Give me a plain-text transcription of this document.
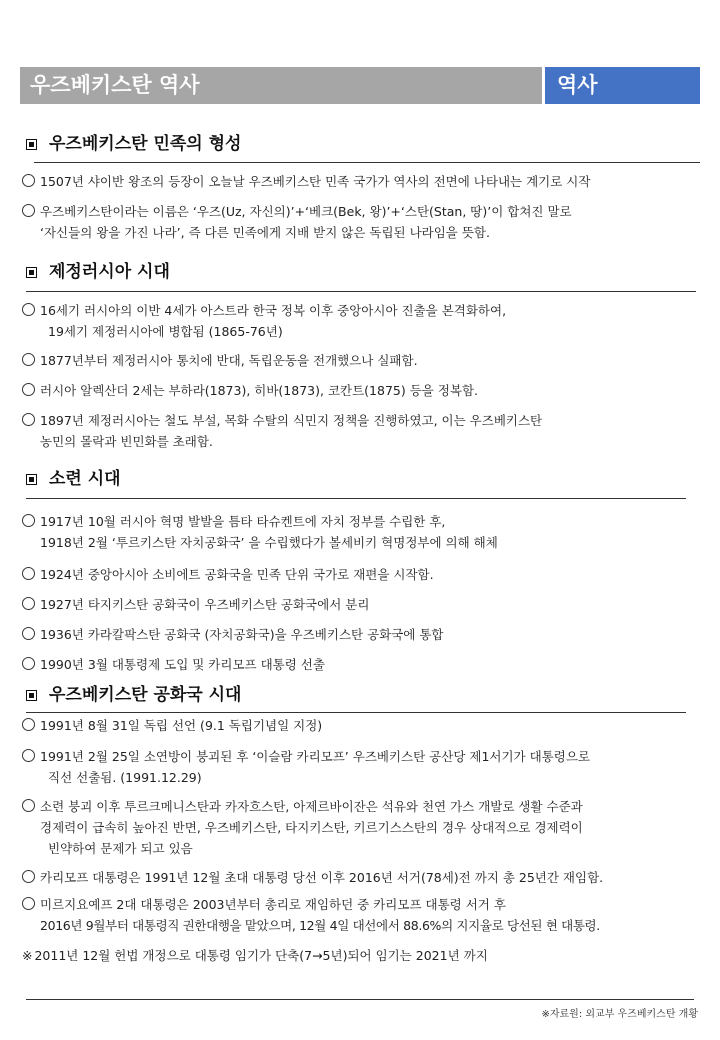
우즈베키스탄 역사	역사
우즈베키스탄 민족의 형성
1507년 샤이반 왕조의 등장이 오늘날 우즈베키스탄 민족 국가가 역사의 전면에 나타내는 계기로 시작
우즈베키스탄이라는 이름은 ‘우즈(Uz, 자신의)’+‘베크(Bek, 왕)’+‘스탄(Stan, 땅)’이 합쳐진 말로
‘자신들의 왕을 가진 나라’, 즉 다른 민족에게 지배 받지 않은 독립된 나라임을 뜻함.
제정러시아 시대
16세기 러시아의 이반 4세가 아스트라 한국 정복 이후 중앙아시아 진출을 본격화하여,
19세기 제정러시아에 병합됨 (1865-76년)
1877년부터 제정러시아 통치에 반대, 독립운동을 전개했으나 실패함.
러시아 알렉산더 2세는 부하라(1873), 히바(1873), 코칸트(1875) 등을 정복함.
1897년 제정러시아는 철도 부설, 목화 수탈의 식민지 정책을 진행하였고, 이는 우즈베키스탄
농민의 몰락과 빈민화를 초래함.
소련 시대
1917년 10월 러시아 혁명 발발을 틈타 타슈켄트에 자치 정부를 수립한 후,
1918년 2월 ‘투르키스탄 자치공화국’ 을 수립했다가 볼세비키 혁명정부에 의해 해체
1924년 중앙아시아 소비에트 공화국을 민족 단위 국가로 재편을 시작함.
1927년 타지키스탄 공화국이 우즈베키스탄 공화국에서 분리
1936년 카라칼팍스탄 공화국 (자치공화국)을 우즈베키스탄 공화국에 통합
1990년 3월 대통령제 도입 및 카리모프 대통령 선출
우즈베키스탄 공화국 시대
1991년 8월 31일 독립 선언 (9.1 독립기념일 지정)
1991년 2월 25일 소연방이 붕괴된 후 ‘이슬람 카리모프’ 우즈베키스탄 공산당 제1서기가 대통령으로
직선 선출됨. (1991.12.29)
소련 붕괴 이후 투르크메니스탄과 카자흐스탄, 아제르바이잔은 석유와 천연 가스 개발로 생활 수준과
경제력이 급속히 높아진 반면, 우즈베키스탄, 타지키스탄, 키르기스스탄의 경우 상대적으로 경제력이
빈약하여 문제가 되고 있음
카리모프 대통령은 1991년 12월 초대 대통령 당선 이후 2016년 서거(78세)전 까지 총 25년간 재임함.
미르지요예프 2대 대통령은 2003년부터 총리로 재임하던 중 카리모프 대통령 서거 후
2016년 9월부터 대통령직 권한대행을 맡았으며, 12월 4일 대선에서 88.6%의 지지율로 당선된 현 대통령.
※ 2011년 12월 헌법 개정으로 대통령 임기가 단축(7→5년)되어 임기는 2021년 까지
※자료원: 외교부 우즈베키스탄 개황
